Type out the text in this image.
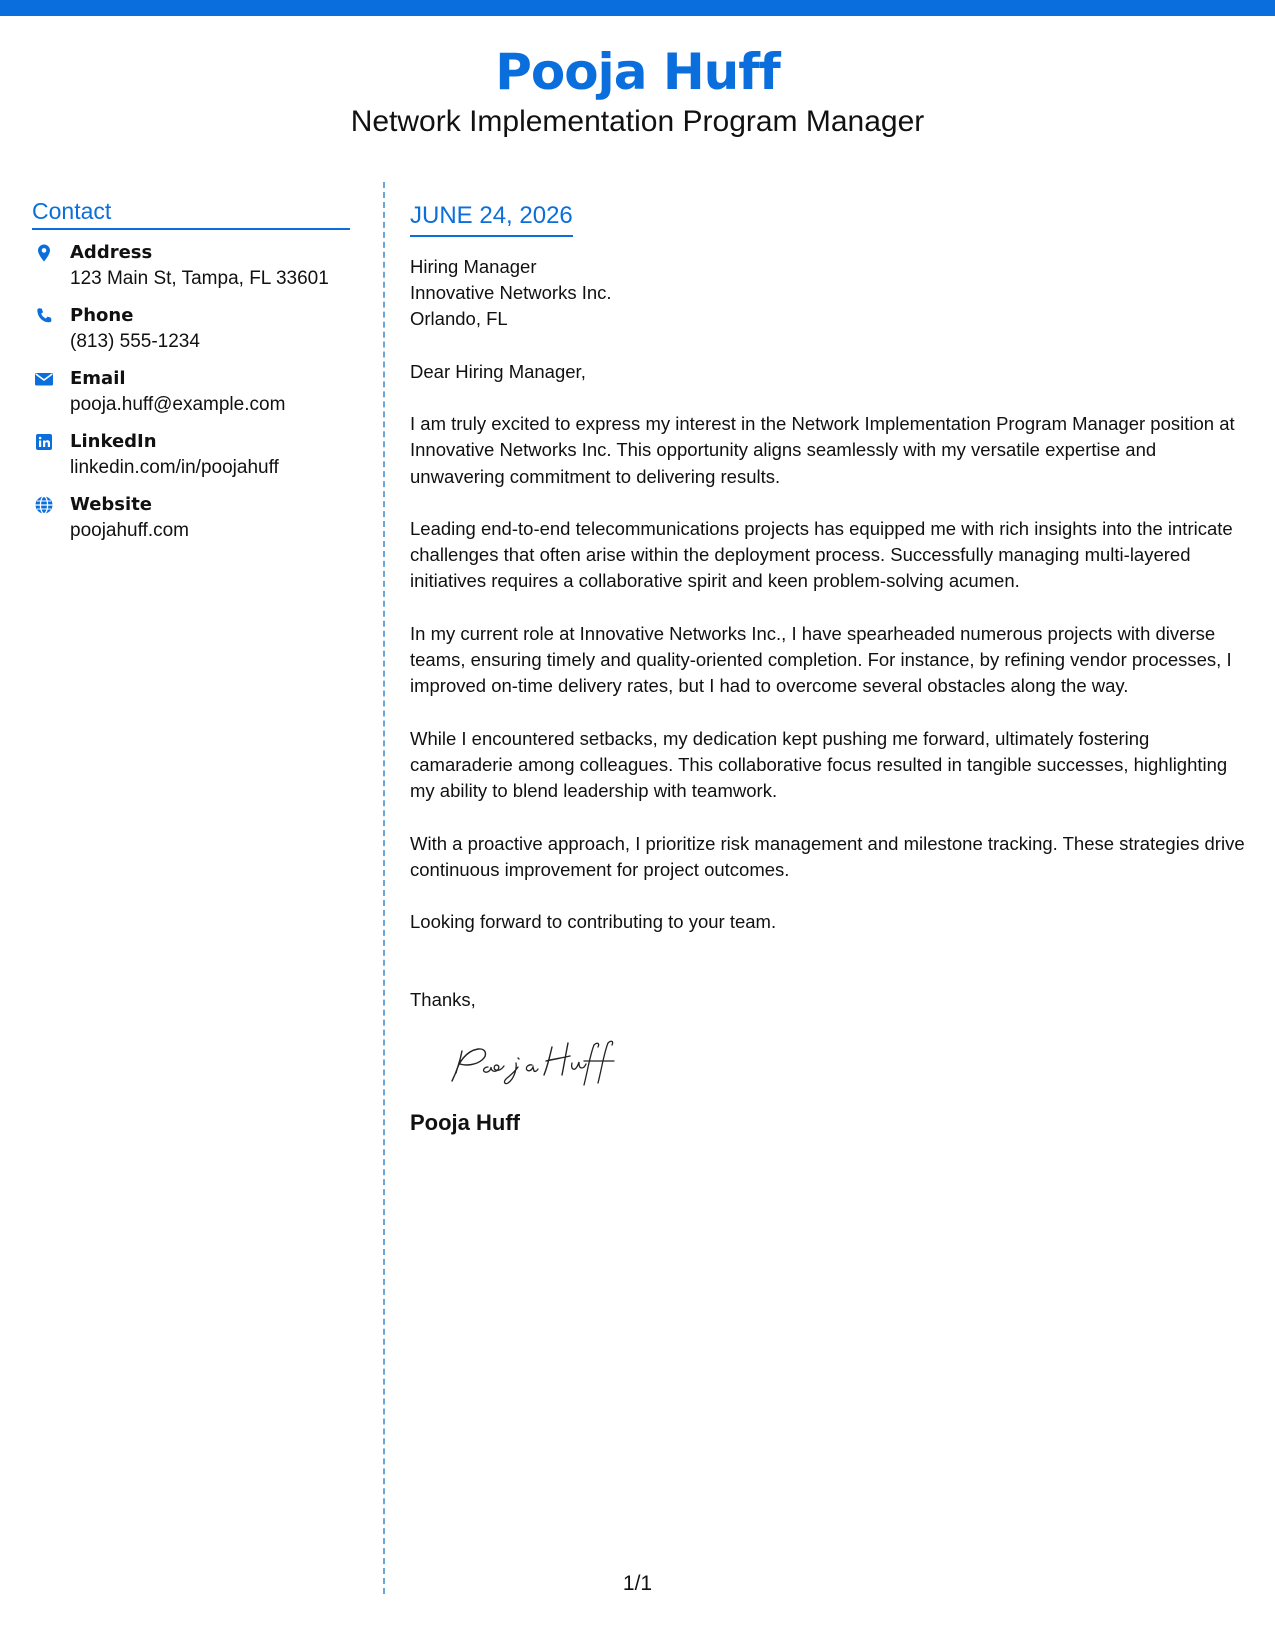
Pooja Huff
Network Implementation Program Manager
Contact
Address
123 Main St, Tampa, FL 33601
Phone
(813) 555-1234
Email
pooja.huff@example.com
LinkedIn
linkedin.com/in/poojahuff
Website
poojahuff.com
JUNE 24, 2026
Hiring Manager
Innovative Networks Inc.
Orlando, FL
Dear Hiring Manager,
I am truly excited to express my interest in the Network Implementation Program Manager position at Innovative Networks Inc. This opportunity aligns seamlessly with my versatile expertise and unwavering commitment to delivering results.
Leading end-to-end telecommunications projects has equipped me with rich insights into the intricate challenges that often arise within the deployment process. Successfully managing multi-layered initiatives requires a collaborative spirit and keen problem-solving acumen.
In my current role at Innovative Networks Inc., I have spearheaded numerous projects with diverse teams, ensuring timely and quality-oriented completion. For instance, by refining vendor processes, I improved on-time delivery rates, but I had to overcome several obstacles along the way.
While I encountered setbacks, my dedication kept pushing me forward, ultimately fostering camaraderie among colleagues. This collaborative focus resulted in tangible successes, highlighting my ability to blend leadership with teamwork.
With a proactive approach, I prioritize risk management and milestone tracking. These strategies drive continuous improvement for project outcomes.
Looking forward to contributing to your team.
Thanks,
Pooja Huff
1/1
